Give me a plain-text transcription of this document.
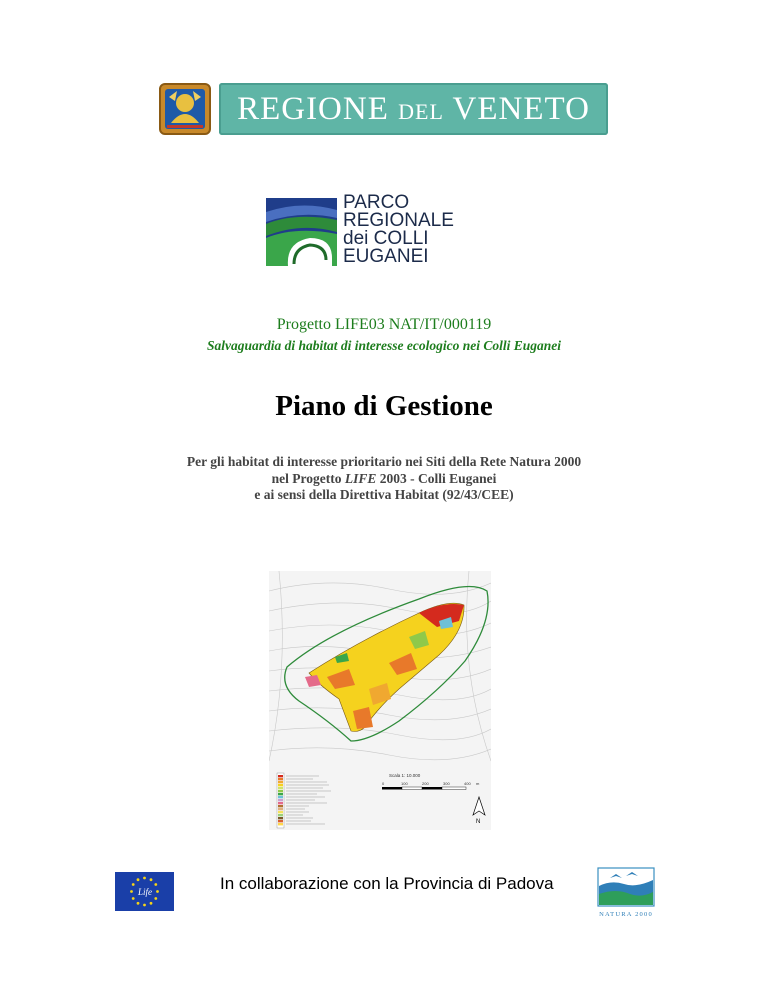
REGIONE DEL VENETO
PARCO
REGIONALE
dei COLLI
EUGANEI
Progetto LIFE03 NAT/IT/000119
Salvaguardia di habitat di interesse ecologico nei Colli Euganei
Piano di Gestione
Per gli habitat di interesse prioritario nei Siti della Rete Natura 2000
nel Progetto LIFE 2003 - Colli Euganei
e ai sensi della Direttiva Habitat (92/43/CEE)
Scala 1: 10.000
0	100	200	300	400 m
N
Life	In collaborazione con la Provincia di Padova
NATURA 2000
